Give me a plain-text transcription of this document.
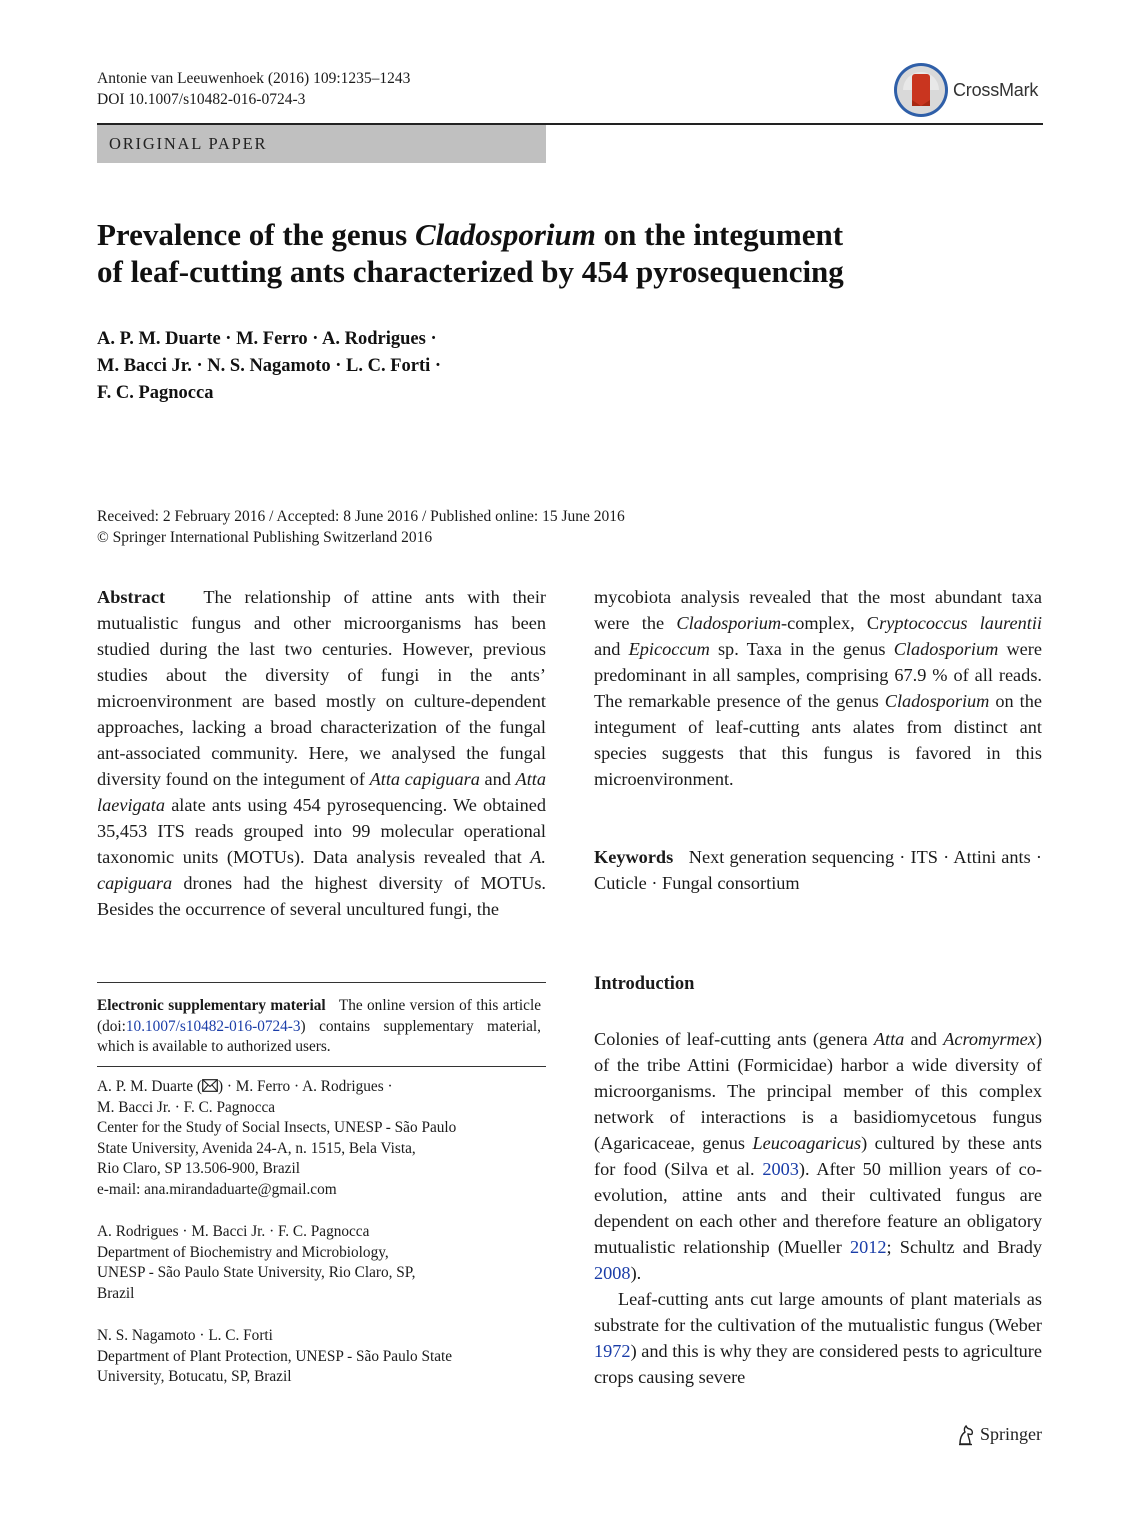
Antonie van Leeuwenhoek (2016) 109:1235–1243
DOI 10.1007/s10482-016-0724-3	CrossMark
ORIGINAL PAPER
Prevalence of the genus Cladosporium on the integument
of leaf-cutting ants characterized by 454 pyrosequencing
A. P. M. Duarte · M. Ferro · A. Rodrigues ·
M. Bacci Jr. · N. S. Nagamoto · L. C. Forti ·
F. C. Pagnocca
Received: 2 February 2016 / Accepted: 8 June 2016 / Published online: 15 June 2016
© Springer International Publishing Switzerland 2016

Abstract The relationship of attine ants with their mutualistic fungus and other microorganisms has been studied during the last two centuries. However, previous studies about the diversity of fungi in the ants’ microenvironment are based mostly on culture-dependent approaches, lacking a broad characterization of the fungal ant-associated community. Here, we analysed the fungal diversity found on the integument of Atta capiguara and Atta laevigata alate ants using 454 pyrosequencing. We obtained 35,453 ITS reads grouped into 99 molecular operational taxonomic units (MOTUs). Data analysis revealed that A. capiguara drones had the highest diversity of MOTUs. Besides the occurrence of several uncultured fungi, the

Electronic supplementary material The online version of this article (doi:10.1007/s10482-016-0724-3) contains supplementary material, which is available to authorized users.
A. P. M. Duarte ( ) · M. Ferro · A. Rodrigues ·
M. Bacci Jr. · F. C. Pagnocca
Center for the Study of Social Insects, UNESP - São Paulo
State University, Avenida 24-A, n. 1515, Bela Vista,
Rio Claro, SP 13.506-900, Brazil
e-mail: ana.mirandaduarte@gmail.com
A. Rodrigues · M. Bacci Jr. · F. C. Pagnocca
Department of Biochemistry and Microbiology,
UNESP - São Paulo State University, Rio Claro, SP,
Brazil
N. S. Nagamoto · L. C. Forti
Department of Plant Protection, UNESP - São Paulo State
University, Botucatu, SP, Brazil

mycobiota analysis revealed that the most abundant taxa were the Cladosporium-complex, Cryptococcus laurentii and Epicoccum sp. Taxa in the genus Cladosporium were predominant in all samples, comprising 67.9 % of all reads. The remarkable presence of the genus Cladosporium on the integument of leaf-cutting ants alates from distinct ant species suggests that this fungus is favored in this microenvironment.

Keywords Next generation sequencing · ITS · Attini ants · Cuticle · Fungal consortium

Introduction

Colonies of leaf-cutting ants (genera Atta and Acromyrmex) of the tribe Attini (Formicidae) harbor a wide diversity of microorganisms. The principal member of this complex network of interactions is a basidiomycetous fungus (Agaricaceae, genus Leucoagaricus) cultured by these ants for food (Silva et al. 2003). After 50 million years of co-evolution, attine ants and their cultivated fungus are dependent on each other and therefore feature an obligatory mutualistic relationship (Mueller 2012; Schultz and Brady 2008).

Leaf-cutting ants cut large amounts of plant materials as substrate for the cultivation of the mutualistic fungus (Weber 1972) and this is why they are considered pests to agriculture crops causing severe

Springer
